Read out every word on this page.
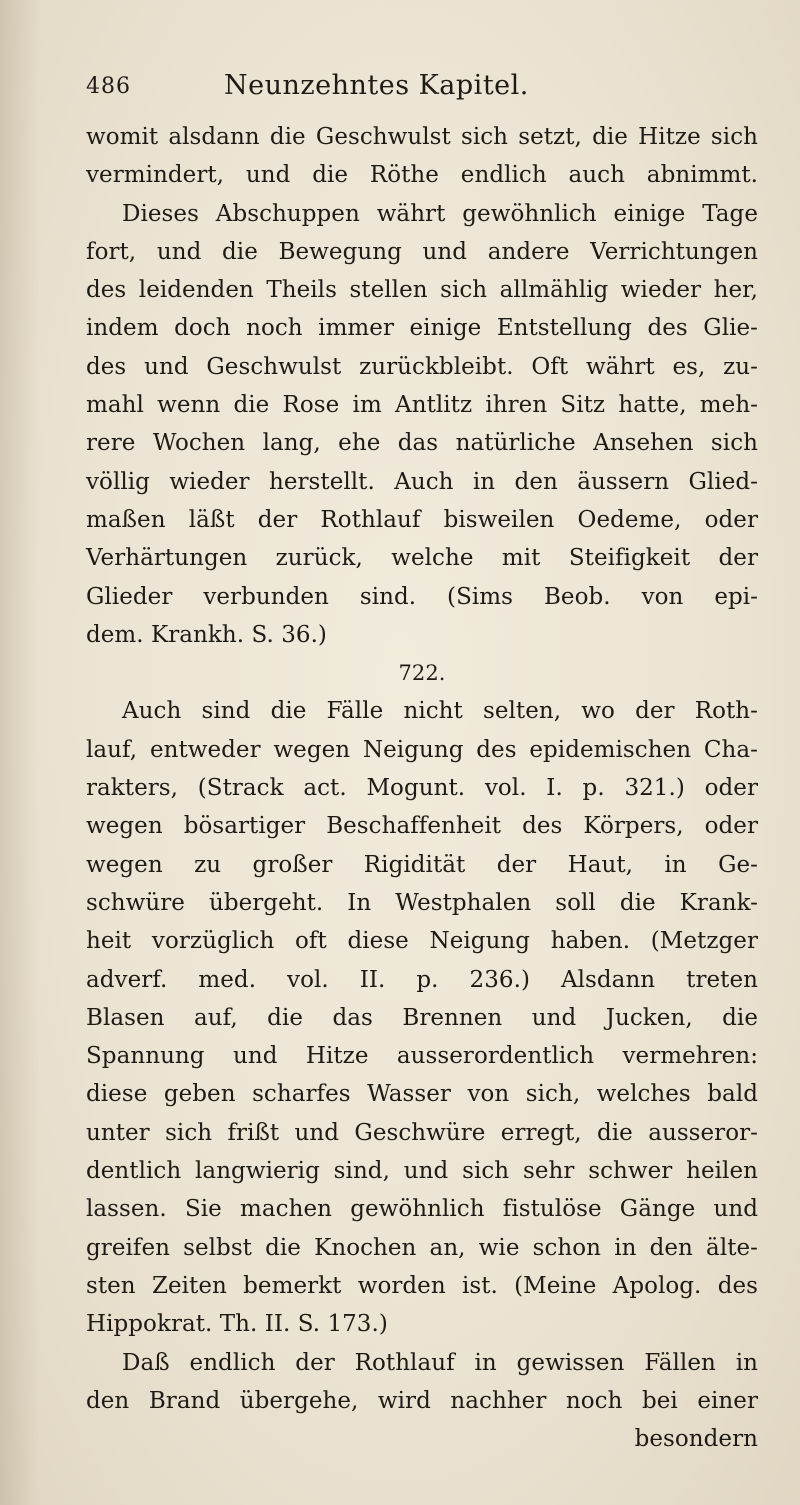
486	Neunzehntes Kapitel.
womit alsdann die Geschwulst sich setzt, die Hitze sich
vermindert, und die Röthe endlich auch abnimmt.
Dieses Abschuppen währt gewöhnlich einige Tage
fort, und die Bewegung und andere Verrichtungen
des leidenden Theils stellen sich allmählig wieder her,
indem doch noch immer einige Entstellung des Glie-
des und Geschwulst zurückbleibt. Oft währt es, zu-
mahl wenn die Rose im Antlitz ihren Sitz hatte, meh-
rere Wochen lang, ehe das natürliche Ansehen sich
völlig wieder herstellt. Auch in den äussern Glied-
maßen läßt der Rothlauf bisweilen Oedeme, oder
Verhärtungen zurück, welche mit Steifigkeit der
Glieder verbunden sind. (Sims Beob. von epi-
dem. Krankh. S. 36.)
722.
Auch sind die Fälle nicht selten, wo der Roth-
lauf, entweder wegen Neigung des epidemischen Cha-
rakters, (Strack act. Mogunt. vol. I. p. 321.) oder
wegen bösartiger Beschaffenheit des Körpers, oder
wegen zu großer Rigidität der Haut, in Ge-
schwüre übergeht. In Westphalen soll die Krank-
heit vorzüglich oft diese Neigung haben. (Metzger
adverf. med. vol. II. p. 236.) Alsdann treten
Blasen auf, die das Brennen und Jucken, die
Spannung und Hitze ausserordentlich vermehren:
diese geben scharfes Wasser von sich, welches bald
unter sich frißt und Geschwüre erregt, die ausseror-
dentlich langwierig sind, und sich sehr schwer heilen
lassen. Sie machen gewöhnlich fistulöse Gänge und
greifen selbst die Knochen an, wie schon in den älte-
sten Zeiten bemerkt worden ist. (Meine Apolog. des
Hippokrat. Th. II. S. 173.)
Daß endlich der Rothlauf in gewissen Fällen in
den Brand übergehe, wird nachher noch bei einer
besondern
